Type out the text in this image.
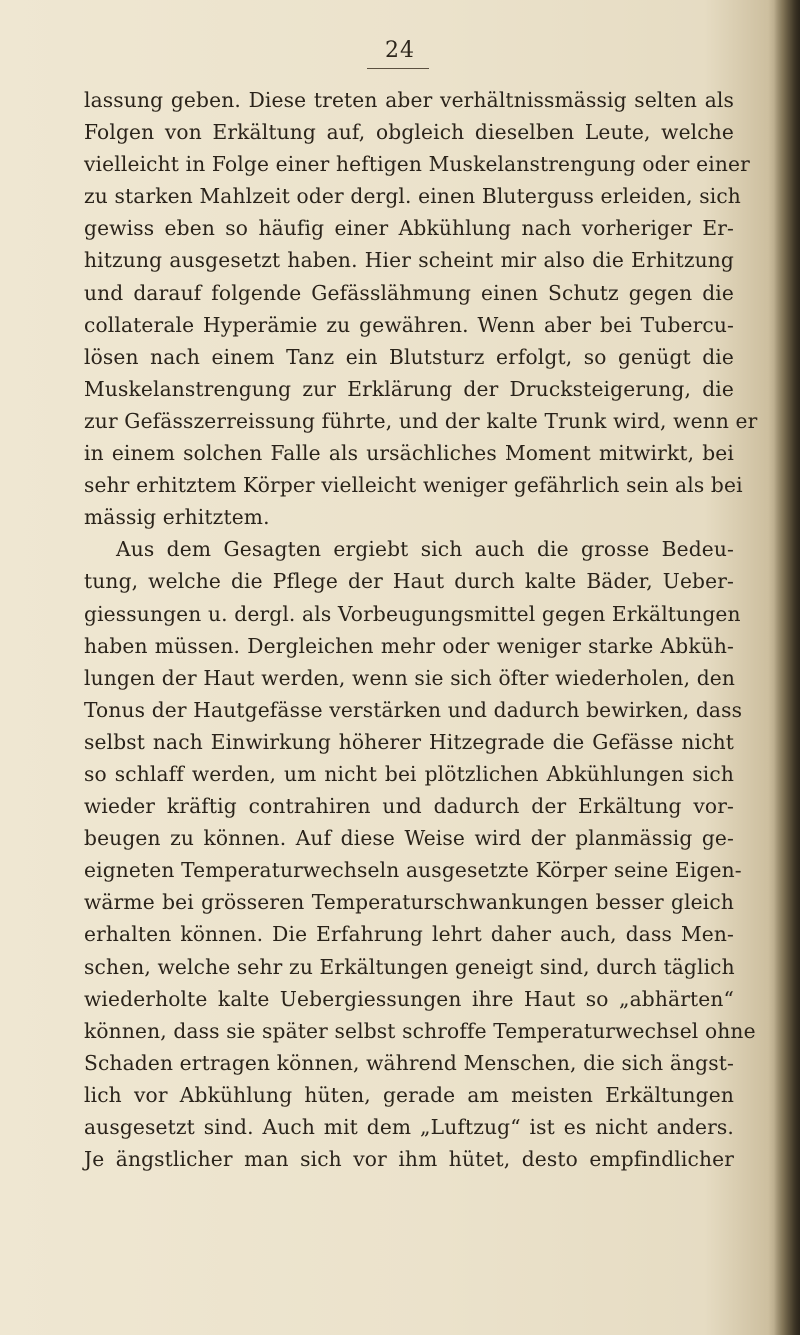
24
lassung geben. Diese treten aber verhältnissmässig selten als
Folgen von Erkältung auf, obgleich dieselben Leute, welche
vielleicht in Folge einer heftigen Muskelanstrengung oder einer
zu starken Mahlzeit oder dergl. einen Bluterguss erleiden, sich
gewiss eben so häufig einer Abkühlung nach vorheriger Er-
hitzung ausgesetzt haben. Hier scheint mir also die Erhitzung
und darauf folgende Gefässlähmung einen Schutz gegen die
collaterale Hyperämie zu gewähren. Wenn aber bei Tubercu-
lösen nach einem Tanz ein Blutsturz erfolgt, so genügt die
Muskelanstrengung zur Erklärung der Drucksteigerung, die
zur Gefässzerreissung führte, und der kalte Trunk wird, wenn er
in einem solchen Falle als ursächliches Moment mitwirkt, bei
sehr erhitztem Körper vielleicht weniger gefährlich sein als bei
mässig erhitztem.
Aus dem Gesagten ergiebt sich auch die grosse Bedeu-
tung, welche die Pflege der Haut durch kalte Bäder, Ueber-
giessungen u. dergl. als Vorbeugungsmittel gegen Erkältungen
haben müssen. Dergleichen mehr oder weniger starke Abküh-
lungen der Haut werden, wenn sie sich öfter wiederholen, den
Tonus der Hautgefässe verstärken und dadurch bewirken, dass
selbst nach Einwirkung höherer Hitzegrade die Gefässe nicht
so schlaff werden, um nicht bei plötzlichen Abkühlungen sich
wieder kräftig contrahiren und dadurch der Erkältung vor-
beugen zu können. Auf diese Weise wird der planmässig ge-
eigneten Temperaturwechseln ausgesetzte Körper seine Eigen-
wärme bei grösseren Temperaturschwankungen besser gleich
erhalten können. Die Erfahrung lehrt daher auch, dass Men-
schen, welche sehr zu Erkältungen geneigt sind, durch täglich
wiederholte kalte Uebergiessungen ihre Haut so „abhärten“
können, dass sie später selbst schroffe Temperaturwechsel ohne
Schaden ertragen können, während Menschen, die sich ängst-
lich vor Abkühlung hüten, gerade am meisten Erkältungen
ausgesetzt sind. Auch mit dem „Luftzug“ ist es nicht anders.
Je ängstlicher man sich vor ihm hütet, desto empfindlicher
